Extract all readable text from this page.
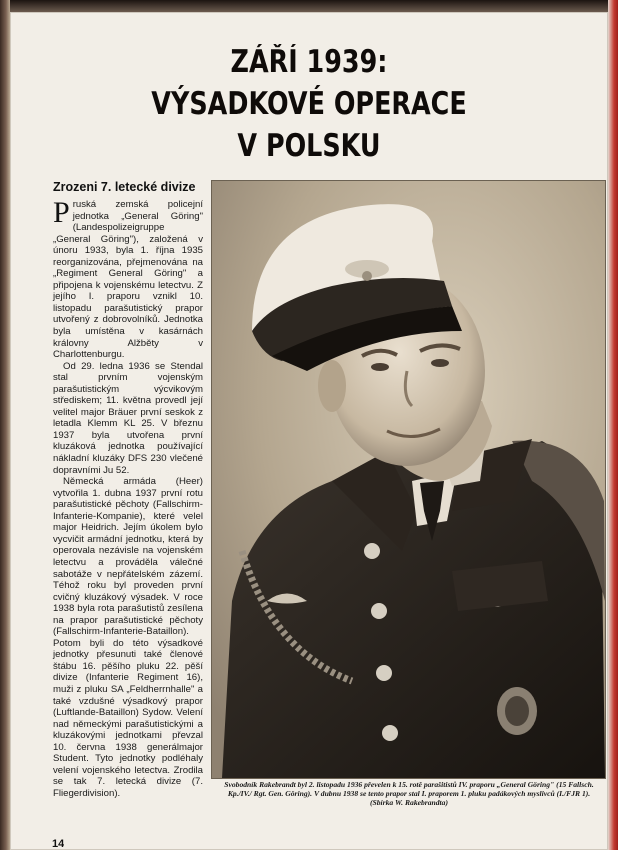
ZÁŘÍ 1939:
VÝSADKOVÉ OPERACE
V POLSKU
Zrozeni 7. letecké divize

Pruská zemská policejní jednotka „General Göring" (Landespolizeigruppe „General Göring"), založená v únoru 1933, byla 1. října 1935 reorganizována, přejmenována na „Regiment General Göring" a připojena k vojenskému letectvu. Z jejího I. praporu vznikl 10. listopadu parašutistický prapor utvořený z dobrovolníků. Jednotka byla umístěna v kasárnách královny Alžběty v Charlottenburgu.

Od 29. ledna 1936 se Stendal stal prvním vojenským parašutistickým výcvikovým střediskem; 11. května provedl její velitel major Bräuer první seskok z letadla Klemm KL 25. V březnu 1937 byla utvořena první kluzáková jednotka používající nákladní kluzáky DFS 230 vlečené dopravními Ju 52.

Německá armáda (Heer) vytvořila 1. dubna 1937 první rotu parašutistické pěchoty (Fallschirm-Infanterie-Kompanie), které velel major Heidrich. Jejím úkolem bylo vycvičit armádní jednotku, která by operovala nezávisle na vojenském letectvu a prováděla válečné sabotáže v nepřátelském zázemí. Téhož roku byl proveden první cvičný kluzákový výsadek. V roce 1938 byla rota parašutistů zesílena na prapor parašutistické pěchoty (Fallschirm-Infanterie-Bataillon). Potom byli do této výsadkové jednotky přesunuti také členové štábu 16. pěšího pluku 22. pěší divize (Infanterie Regiment 16), muži z pluku SA „Feldherrnhalle" a také vzdušné výsadkový prapor (Luftlande-Bataillon) Sydow. Velení nad německými parašutistickými a kluzákovými jednotkami převzal 10. června 1938 generálmajor Student. Tyto jednotky podléhaly velení vojenského letectva. Zrodila se tak 7. letecká divize (7. Fliegerdivision).

Svobodník Rakebrandt byl 2. listopadu 1936 převelen k 15. rotě parašitistů IV. praporu „General Göring" (15 Fallsch. Kp./IV./ Rgt. Gen. Göring). V dubnu 1938 se tento prapor stal I. praporem 1. pluku padákových myslivců (I./FJR 1). (Sbírka W. Rakebrandta)
14
